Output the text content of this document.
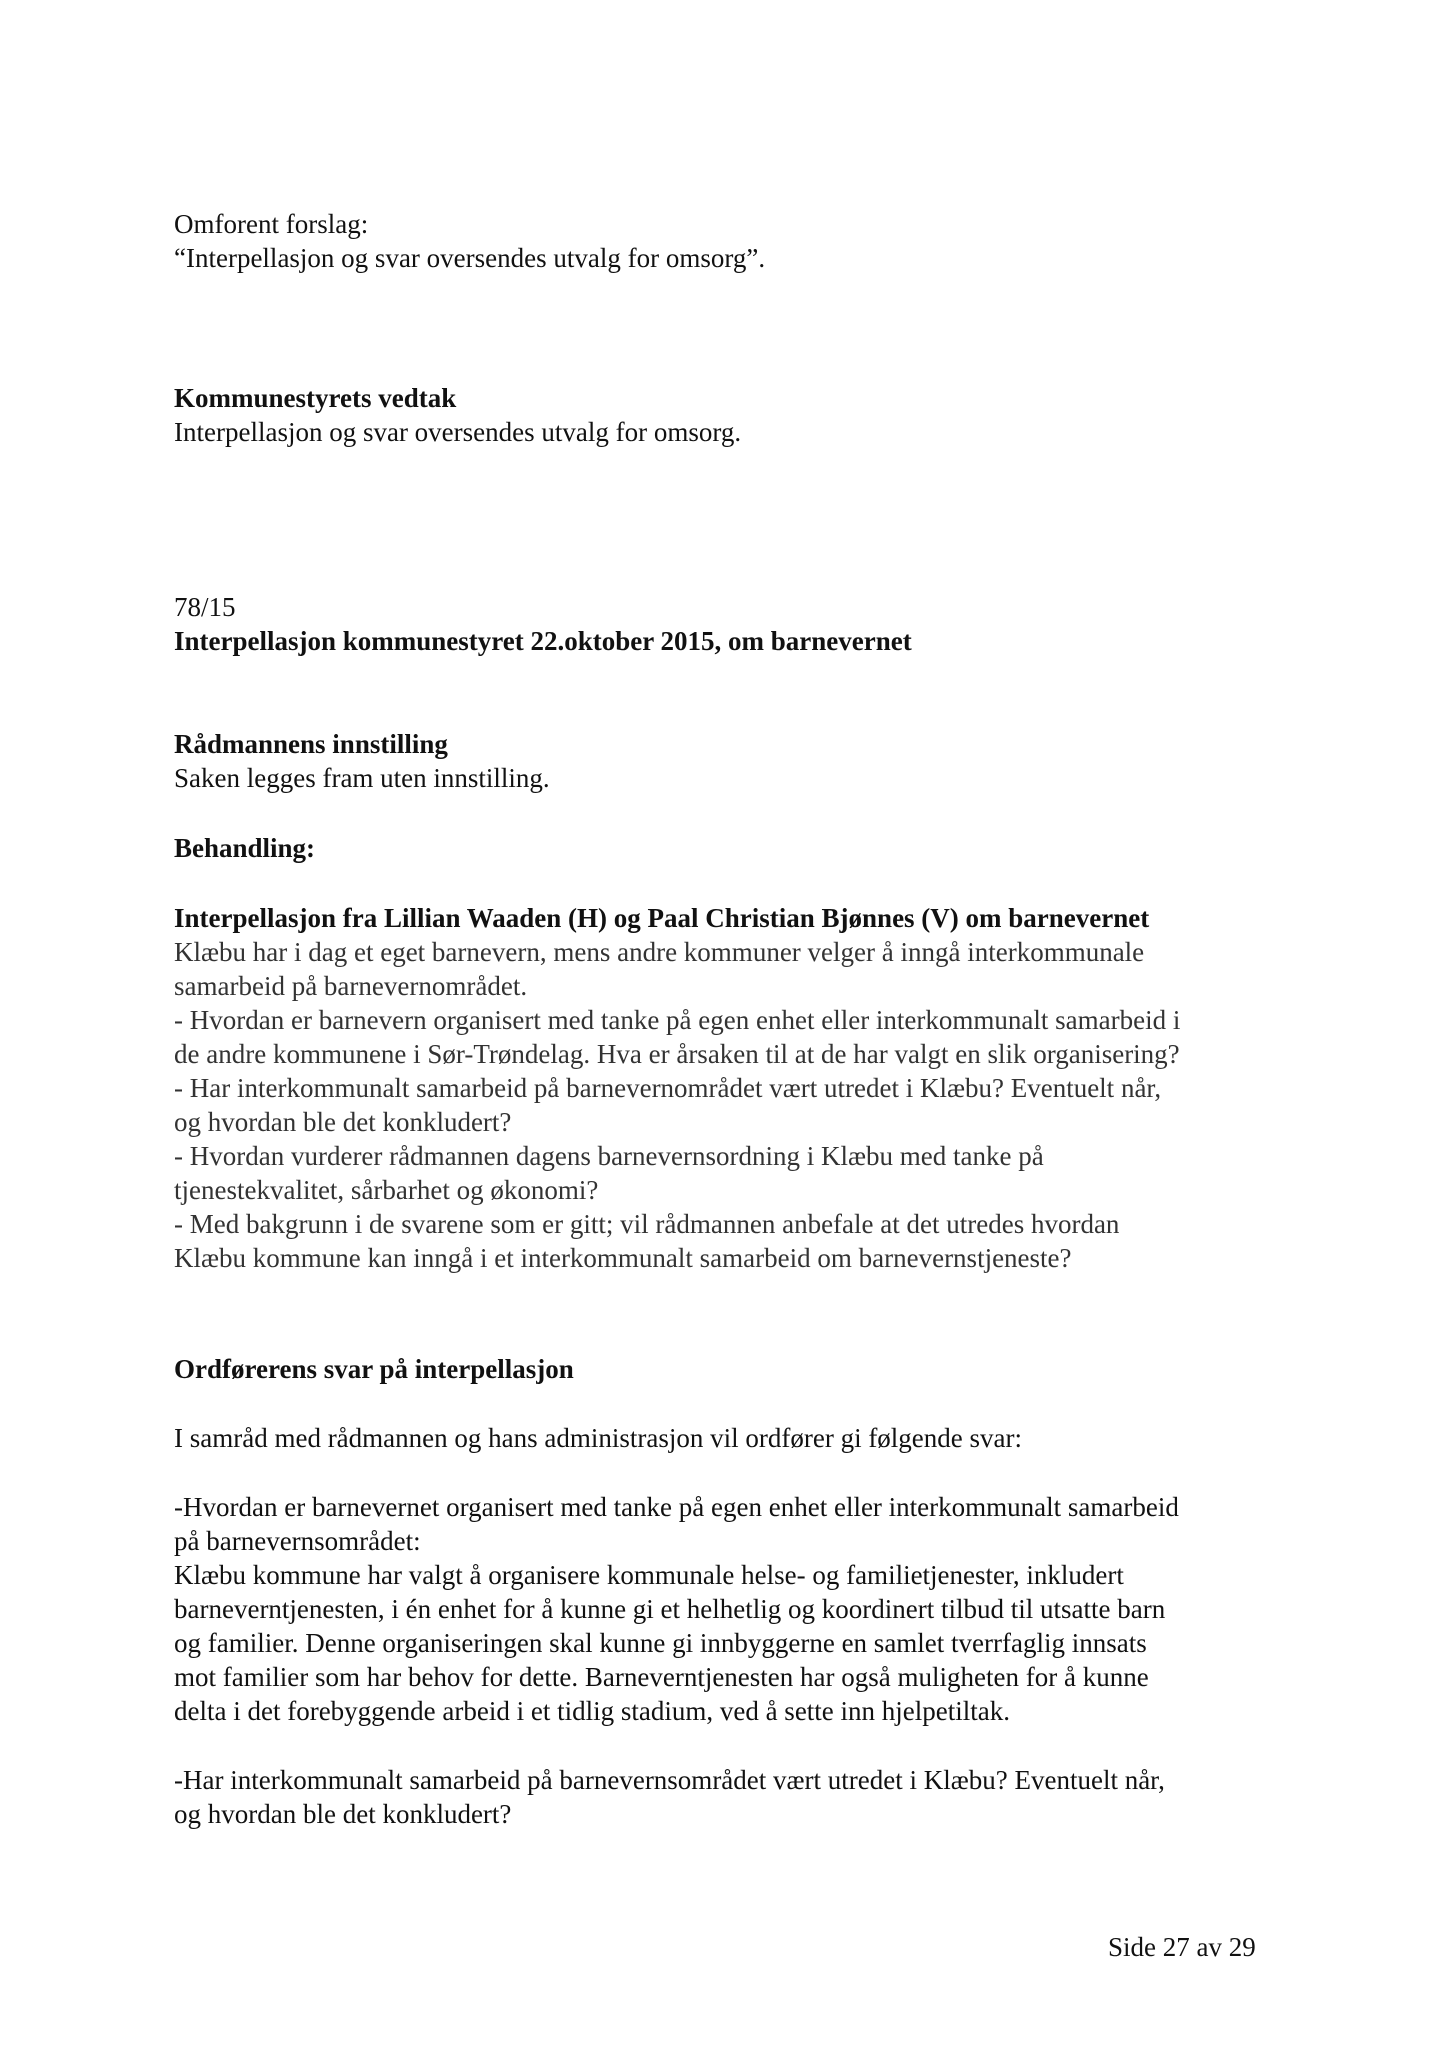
Omforent forslag:
“Interpellasjon og svar oversendes utvalg for omsorg”.
Kommunestyrets vedtak
Interpellasjon og svar oversendes utvalg for omsorg.
78/15
Interpellasjon kommunestyret 22.oktober 2015, om barnevernet
Rådmannens innstilling
Saken legges fram uten innstilling.
Behandling:
Interpellasjon fra Lillian Waaden (H) og Paal Christian Bjønnes (V) om barnevernet
Klæbu har i dag et eget barnevern, mens andre kommuner velger å inngå interkommunale
samarbeid på barnevernområdet.
- Hvordan er barnevern organisert med tanke på egen enhet eller interkommunalt samarbeid i
de andre kommunene i Sør-Trøndelag. Hva er årsaken til at de har valgt en slik organisering?
- Har interkommunalt samarbeid på barnevernområdet vært utredet i Klæbu? Eventuelt når,
og hvordan ble det konkludert?
- Hvordan vurderer rådmannen dagens barnevernsordning i Klæbu med tanke på
tjenestekvalitet, sårbarhet og økonomi?
- Med bakgrunn i de svarene som er gitt; vil rådmannen anbefale at det utredes hvordan
Klæbu kommune kan inngå i et interkommunalt samarbeid om barnevernstjeneste?
Ordførerens svar på interpellasjon
I samråd med rådmannen og hans administrasjon vil ordfører gi følgende svar:
-Hvordan er barnevernet organisert med tanke på egen enhet eller interkommunalt samarbeid
på barnevernsområdet:
Klæbu kommune har valgt å organisere kommunale helse- og familietjenester, inkludert
barneverntjenesten, i én enhet for å kunne gi et helhetlig og koordinert tilbud til utsatte barn
og familier. Denne organiseringen skal kunne gi innbyggerne en samlet tverrfaglig innsats
mot familier som har behov for dette. Barneverntjenesten har også muligheten for å kunne
delta i det forebyggende arbeid i et tidlig stadium, ved å sette inn hjelpetiltak.
-Har interkommunalt samarbeid på barnevernsområdet vært utredet i Klæbu? Eventuelt når,
og hvordan ble det konkludert?
Side 27 av 29
